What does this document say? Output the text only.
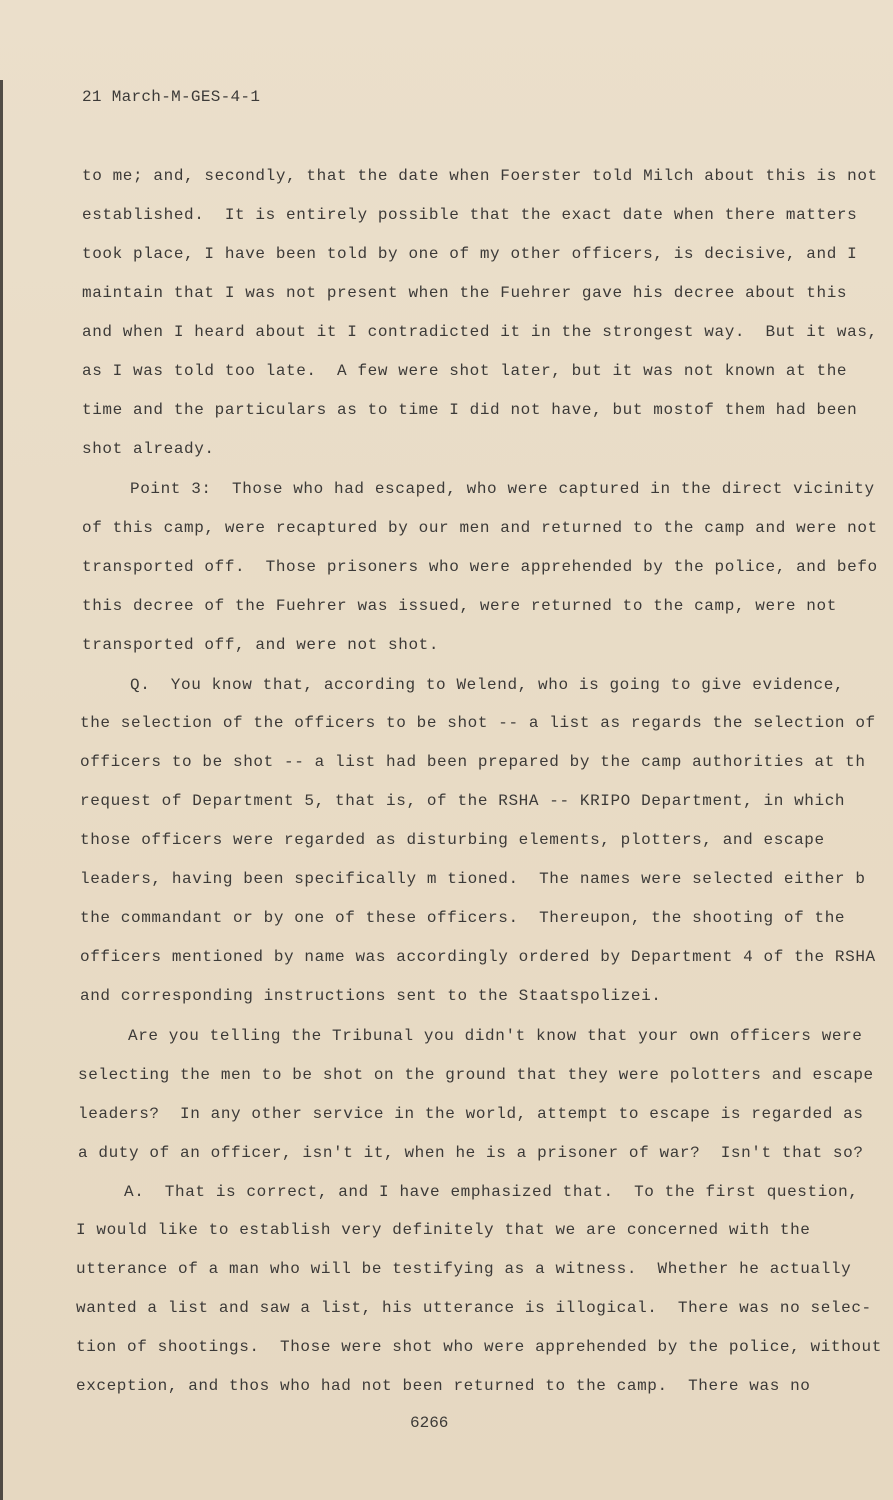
21 March-M-GES-4-1
to me; and, secondly, that the date when Foerster told Milch about this is not
established.  It is entirely possible that the exact date when there matters
took place, I have been told by one of my other officers, is decisive, and I
maintain that I was not present when the Fuehrer gave his decree about this
and when I heard about it I contradicted it in the strongest way.  But it was,
as I was told too late.  A few were shot later, but it was not known at the
time and the particulars as to time I did not have, but mostof them had been
shot already.
Point 3:  Those who had escaped, who were captured in the direct vicinity
of this camp, were recaptured by our men and returned to the camp and were not
transported off.  Those prisoners who were apprehended by the police, and befo
this decree of the Fuehrer was issued, were returned to the camp, were not
transported off, and were not shot.
Q.  You know that, according to Welend, who is going to give evidence,
the selection of the officers to be shot -- a list as regards the selection of
officers to be shot -- a list had been prepared by the camp authorities at th
request of Department 5, that is, of the RSHA -- KRIPO Department, in which
those officers were regarded as disturbing elements, plotters, and escape
leaders, having been specifically m tioned.  The names were selected either b
the commandant or by one of these officers.  Thereupon, the shooting of the
officers mentioned by name was accordingly ordered by Department 4 of the RSHA
and corresponding instructions sent to the Staatspolizei.
Are you telling the Tribunal you didn't know that your own officers were
selecting the men to be shot on the ground that they were polotters and escape
leaders?  In any other service in the world, attempt to escape is regarded as
a duty of an officer, isn't it, when he is a prisoner of war?  Isn't that so?
A.  That is correct, and I have emphasized that.  To the first question,
I would like to establish very definitely that we are concerned with the
utterance of a man who will be testifying as a witness.  Whether he actually
wanted a list and saw a list, his utterance is illogical.  There was no selec-
tion of shootings.  Those were shot who were apprehended by the police, without
exception, and thos who had not been returned to the camp.  There was no
6266
